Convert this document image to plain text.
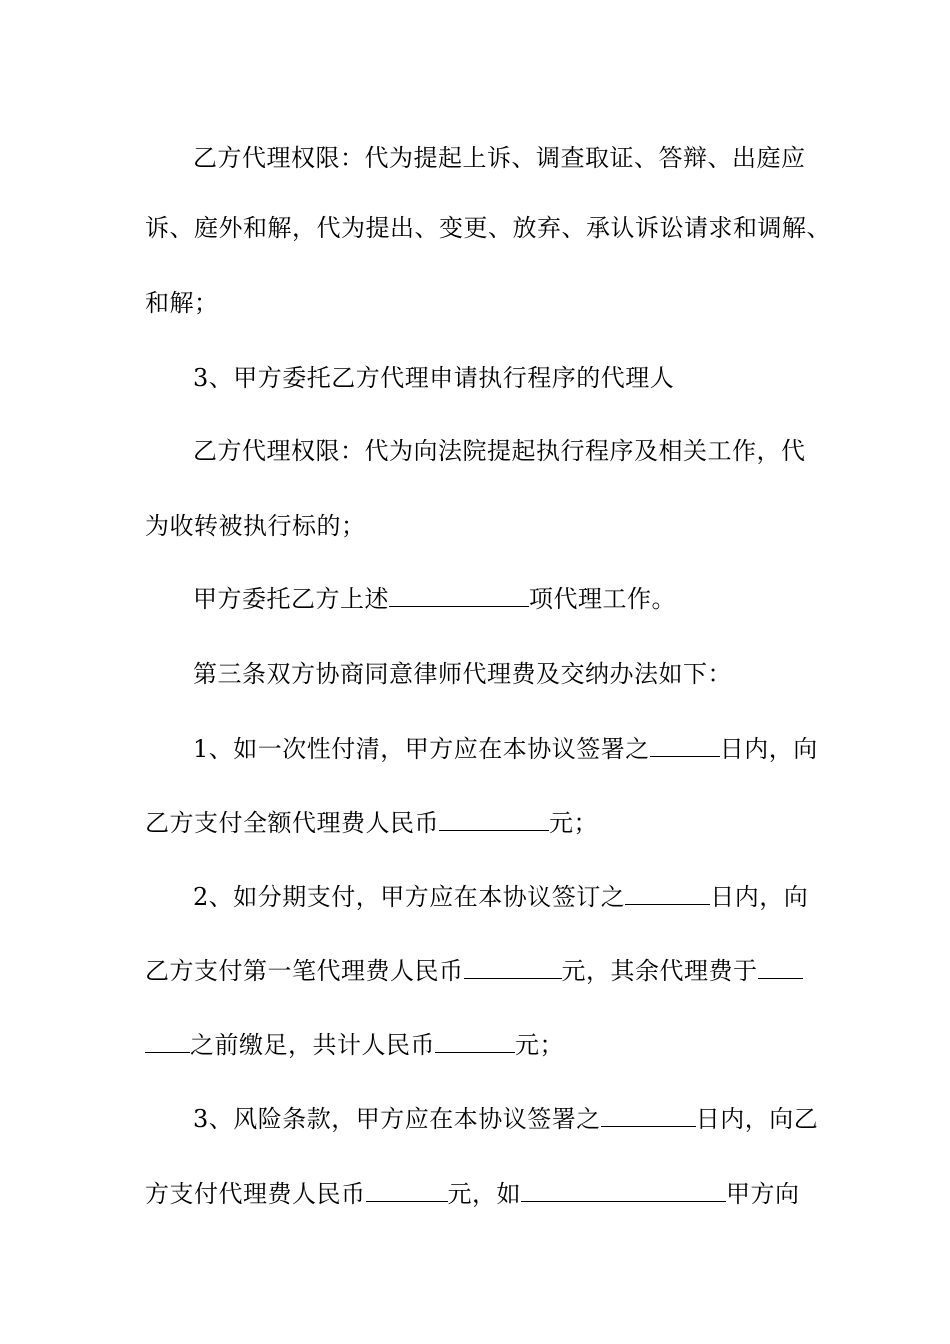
乙方代理权限：代为提起上诉、调查取证、答辩、出庭应
诉、庭外和解，代为提出、变更、放弃、承认诉讼请求和调解、
和解；
3、甲方委托乙方代理申请执行程序的代理人
乙方代理权限：代为向法院提起执行程序及相关工作，代
为收转被执行标的；
甲方委托乙方上述	项代理工作。
第三条双方协商同意律师代理费及交纳办法如下：
1、如一次性付清，甲方应在本协议签署之	日内，向
乙方支付全额代理费人民币	元；
2、如分期支付，甲方应在本协议签订之	日内，向
乙方支付第一笔代理费人民币	元，其余代理费于
之前缴足，共计人民币	元；
3、风险条款，甲方应在本协议签署之	日内，向乙
方支付代理费人民币	元，如	甲方向
